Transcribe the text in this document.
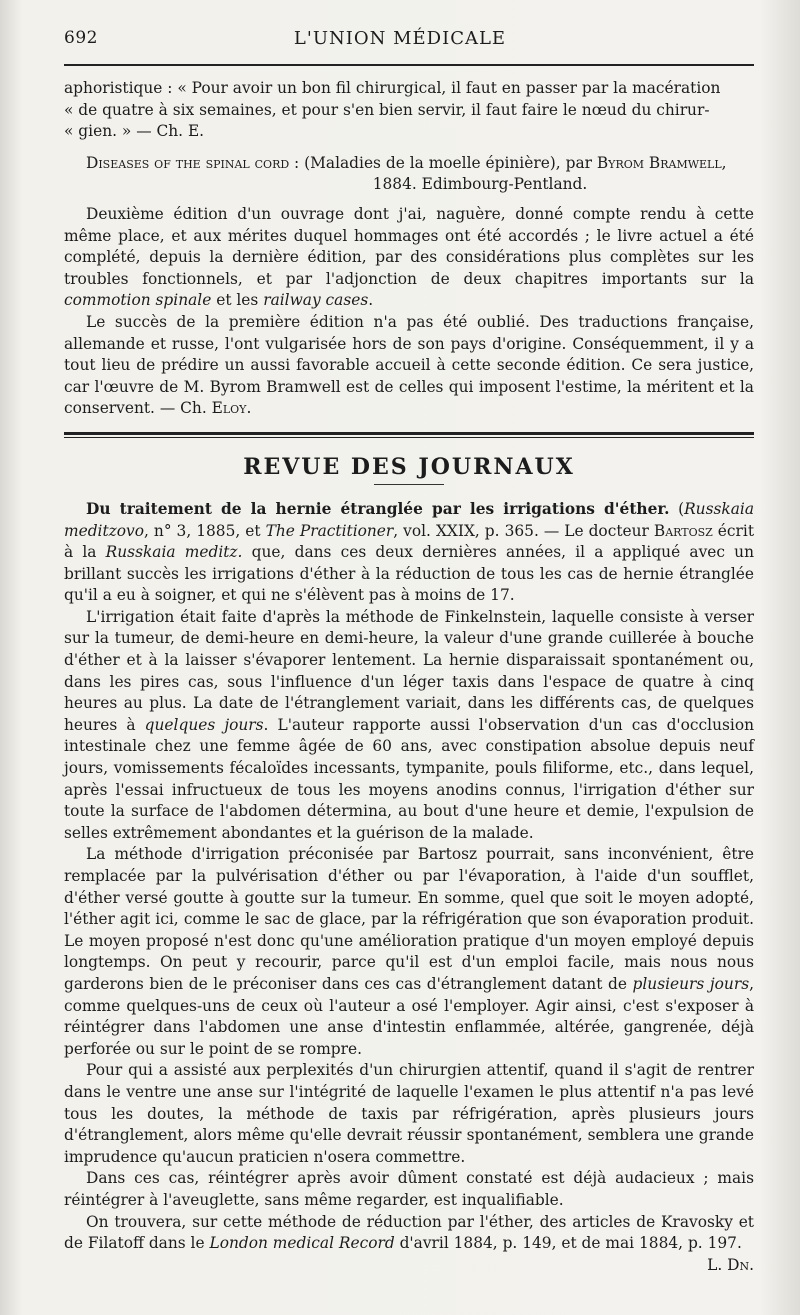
692	L'UNION MÉDICALE

aphoristique : « Pour avoir un bon fil chirurgical, il faut en passer par la macération
« de quatre à six semaines, et pour s'en bien servir, il faut faire le nœud du chirur-
« gien. » — Ch. E.

Diseases of the spinal cord : (Maladies de la moelle épinière), par Byrom Bramwell,
1884. Edimbourg-Pentland.

Deuxième édition d'un ouvrage dont j'ai, naguère, donné compte rendu à cette même place, et aux mérites duquel hommages ont été accordés ; le livre actuel a été complété, depuis la dernière édition, par des considérations plus complètes sur les troubles fonctionnels, et par l'adjonction de deux chapitres importants sur la commotion spinale et les railway cases.

Le succès de la première édition n'a pas été oublié. Des traductions française, allemande et russe, l'ont vulgarisée hors de son pays d'origine. Conséquemment, il y a tout lieu de prédire un aussi favorable accueil à cette seconde édition. Ce sera justice, car l'œuvre de M. Byrom Bramwell est de celles qui imposent l'estime, la méritent et la conservent. — Ch. Eloy.

REVUE DES JOURNAUX

Du traitement de la hernie étranglée par les irrigations d'éther. (Russkaia meditzovo, n° 3, 1885, et The Practitioner, vol. XXIX, p. 365. — Le docteur Bartosz écrit à la Russkaia meditz. que, dans ces deux dernières années, il a appliqué avec un brillant succès les irrigations d'éther à la réduction de tous les cas de hernie étranglée qu'il a eu à soigner, et qui ne s'élèvent pas à moins de 17.

L'irrigation était faite d'après la méthode de Finkelnstein, laquelle consiste à verser sur la tumeur, de demi-heure en demi-heure, la valeur d'une grande cuillerée à bouche d'éther et à la laisser s'évaporer lentement. La hernie disparaissait spontanément ou, dans les pires cas, sous l'influence d'un léger taxis dans l'espace de quatre à cinq heures au plus. La date de l'étranglement variait, dans les différents cas, de quelques heures à quelques jours. L'auteur rapporte aussi l'observation d'un cas d'occlusion intestinale chez une femme âgée de 60 ans, avec constipation absolue depuis neuf jours, vomissements fécaloïdes incessants, tympanite, pouls filiforme, etc., dans lequel, après l'essai infructueux de tous les moyens anodins connus, l'irrigation d'éther sur toute la surface de l'abdomen détermina, au bout d'une heure et demie, l'expulsion de selles extrêmement abondantes et la guérison de la malade.

La méthode d'irrigation préconisée par Bartosz pourrait, sans inconvénient, être remplacée par la pulvérisation d'éther ou par l'évaporation, à l'aide d'un soufflet, d'éther versé goutte à goutte sur la tumeur. En somme, quel que soit le moyen adopté, l'éther agit ici, comme le sac de glace, par la réfrigération que son évaporation produit. Le moyen proposé n'est donc qu'une amélioration pratique d'un moyen employé depuis longtemps. On peut y recourir, parce qu'il est d'un emploi facile, mais nous nous garderons bien de le préconiser dans ces cas d'étranglement datant de plusieurs jours, comme quelques-uns de ceux où l'auteur a osé l'employer. Agir ainsi, c'est s'exposer à réintégrer dans l'abdomen une anse d'intestin enflammée, altérée, gangrenée, déjà perforée ou sur le point de se rompre.

Pour qui a assisté aux perplexités d'un chirurgien attentif, quand il s'agit de rentrer dans le ventre une anse sur l'intégrité de laquelle l'examen le plus attentif n'a pas levé tous les doutes, la méthode de taxis par réfrigération, après plusieurs jours d'étranglement, alors même qu'elle devrait réussir spontanément, semblera une grande imprudence qu'aucun praticien n'osera commettre.

Dans ces cas, réintégrer après avoir dûment constaté est déjà audacieux ; mais réintégrer à l'aveuglette, sans même regarder, est inqualifiable.

On trouvera, sur cette méthode de réduction par l'éther, des articles de Kravosky et de Filatoff dans le London medical Record d'avril 1884, p. 149, et de mai 1884, p. 197.

L. Dn.
